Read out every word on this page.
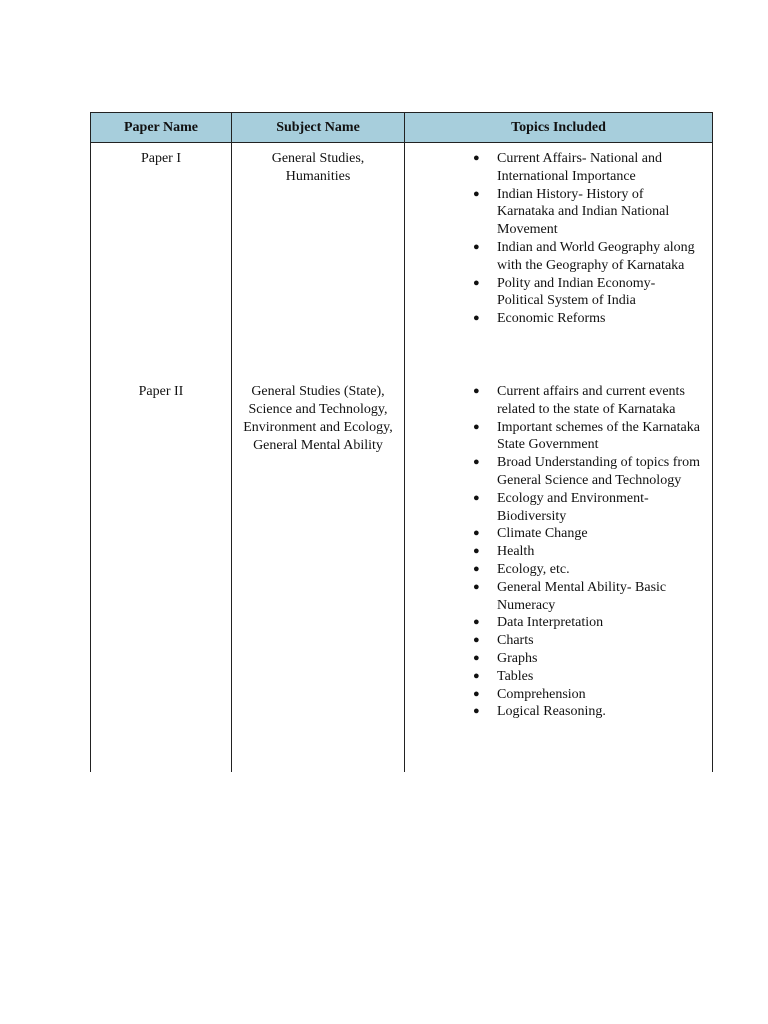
Paper Name	Subject Name	Topics Included
Paper I	General Studies, Humanities
● Current Affairs- National and International Importance
● Indian History- History of Karnataka and Indian National Movement
● Indian and World Geography along with the Geography of Karnataka
● Polity and Indian Economy- Political System of India
● Economic Reforms
Paper II	General Studies (State), Science and Technology, Environment and Ecology, General Mental Ability
● Current affairs and current events related to the state of Karnataka
● Important schemes of the Karnataka State Government
● Broad Understanding of topics from General Science and Technology
● Ecology and Environment- Biodiversity
● Climate Change
● Health
● Ecology, etc.
● General Mental Ability- Basic Numeracy
● Data Interpretation
● Charts
● Graphs
● Tables
● Comprehension
● Logical Reasoning.
